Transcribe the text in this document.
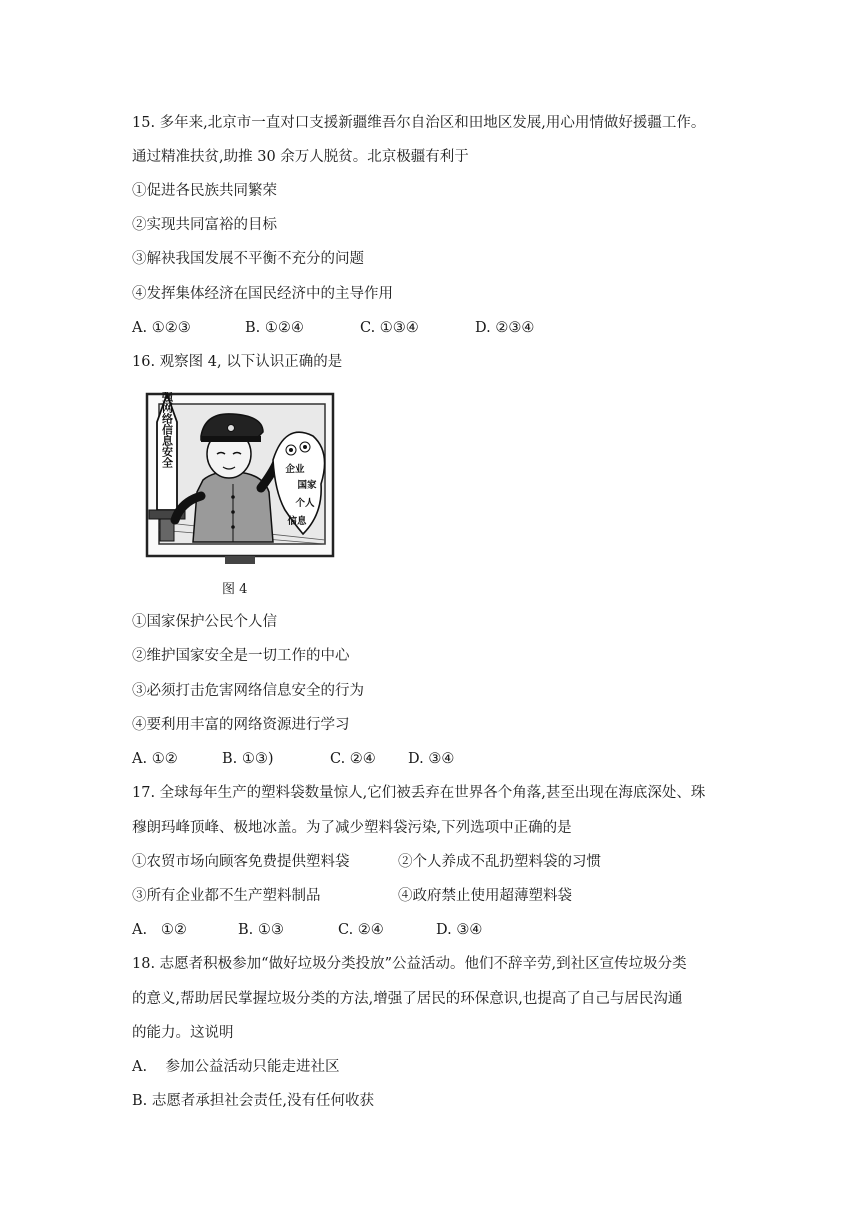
15. 多年来,北京市一直对口支援新疆维吾尔自治区和田地区发展,用心用情做好援疆工作。
通过精准扶贫,助推 30 余万人脱贫。北京极疆有利于
①促进各民族共同繁荣
②实现共同富裕的目标
③解袂我国发展不平衡不充分的问题
④发挥集体经济在国民经济中的主导作用
A. ①②③	B. ①②④	C. ①③④	D. ②③④
16. 观察图 4, 以下认识正确的是
加强网络信息安全
企业
国家
个人
信息
图 4
①国家保护公民个人信
②维护国家安全是一切工作的中心
③必须打击危害网络信息安全的行为
④要利用丰富的网络资源进行学习
A. ①②	B. ①③)	C. ②④ D. ③④
17. 全球每年生产的塑料袋数量惊人,它们被丢弃在世界各个角落,甚至出现在海底深处、珠
穆朗玛峰顶峰、极地冰盖。为了减少塑料袋污染,下列选项中正确的是
①农贸市场向顾客免费提供塑料袋	②个人养成不乱扔塑料袋的习惯
③所有企业都不生产塑料制品	④政府禁止使用超薄塑料袋
A.   ①②	B. ①③	C. ②④	D. ③④
18. 志愿者积极参加“做好垃圾分类投放”公益活动。他们不辞辛劳,到社区宣传垃圾分类
的意义,帮助居民掌握垃圾分类的方法,增强了居民的环保意识,也提高了自己与居民沟通
的能力。这说明
A.    参加公益活动只能走进社区
B. 志愿者承担社会责任,没有任何收获
